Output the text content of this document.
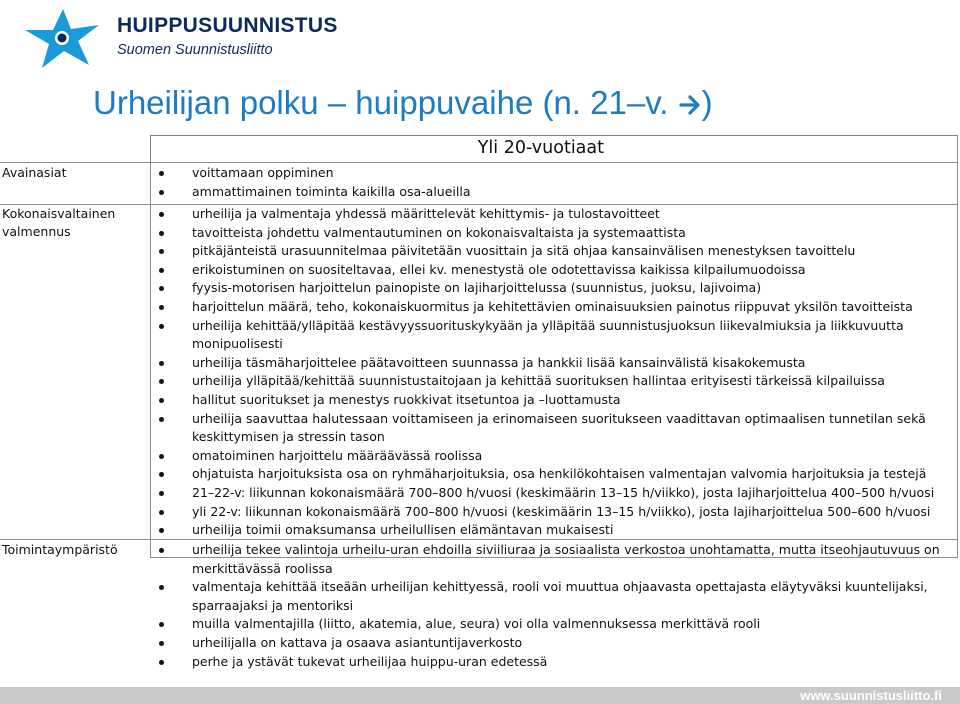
HUIPPUSUUNNISTUS
Suomen Suunnistusliitto
Urheilijan polku – huippuvaihe (n. 21–v. )
Yli 20-vuotiaat
Avainasiat	voittamaan oppiminen
ammattimainen toiminta kaikilla osa-alueilla
Kokonaisvaltainen valmennus
urheilija ja valmentaja yhdessä määrittelevät kehittymis- ja tulostavoitteet
tavoitteista johdettu valmentautuminen on kokonaisvaltaista ja systemaattista
pitkäjänteistä urasuunnitelmaa päivitetään vuosittain ja sitä ohjaa kansainvälisen menestyksen tavoittelu
erikoistuminen on suositeltavaa, ellei kv. menestystä ole odotettavissa kaikissa kilpailumuodoissa
fyysis-motorisen harjoittelun painopiste on lajiharjoittelussa (suunnistus, juoksu, lajivoima)
harjoittelun määrä, teho, kokonaiskuormitus ja kehitettävien ominaisuuksien painotus riippuvat yksilön tavoitteista
urheilija kehittää/ylläpitää kestävyyssuorituskykyään ja ylläpitää suunnistusjuoksun liikevalmiuksia ja liikkuvuutta monipuolisesti
urheilija täsmäharjoittelee päätavoitteen suunnassa ja hankkii lisää kansainvälistä kisakokemusta
urheilija ylläpitää/kehittää suunnistustaitojaan ja kehittää suorituksen hallintaa erityisesti tärkeissä kilpailuissa
hallitut suoritukset ja menestys ruokkivat itsetuntoa ja –luottamusta
urheilija saavuttaa halutessaan voittamiseen ja erinomaiseen suoritukseen vaadittavan optimaalisen tunnetilan sekä keskittymisen ja stressin tason
omatoiminen harjoittelu määräävässä roolissa
ohjatuista harjoituksista osa on ryhmäharjoituksia, osa henkilökohtaisen valmentajan valvomia harjoituksia ja testejä
21–22-v: liikunnan kokonaismäärä 700–800 h/vuosi (keskimäärin 13–15 h/viikko), josta lajiharjoittelua 400–500 h/vuosi
yli 22-v: liikunnan kokonaismäärä 700–800 h/vuosi (keskimäärin 13–15 h/viikko), josta lajiharjoittelua 500–600 h/vuosi
urheilija toimii omaksumansa urheilullisen elämäntavan mukaisesti
Toimintaympäristö	urheilija tekee valintoja urheilu-uran ehdoilla siviiliuraa ja sosiaalista verkostoa unohtamatta, mutta itseohjautuvuus on merkittävässä roolissa
valmentaja kehittää itseään urheilijan kehittyessä, rooli voi muuttua ohjaavasta opettajasta eläytyväksi kuuntelijaksi, sparraajaksi ja mentoriksi
muilla valmentajilla (liitto, akatemia, alue, seura) voi olla valmennuksessa merkittävä rooli
urheilijalla on kattava ja osaava asiantuntijaverkosto
perhe ja ystävät tukevat urheilijaa huippu-uran edetessä
www.suunnistusliitto.fi
